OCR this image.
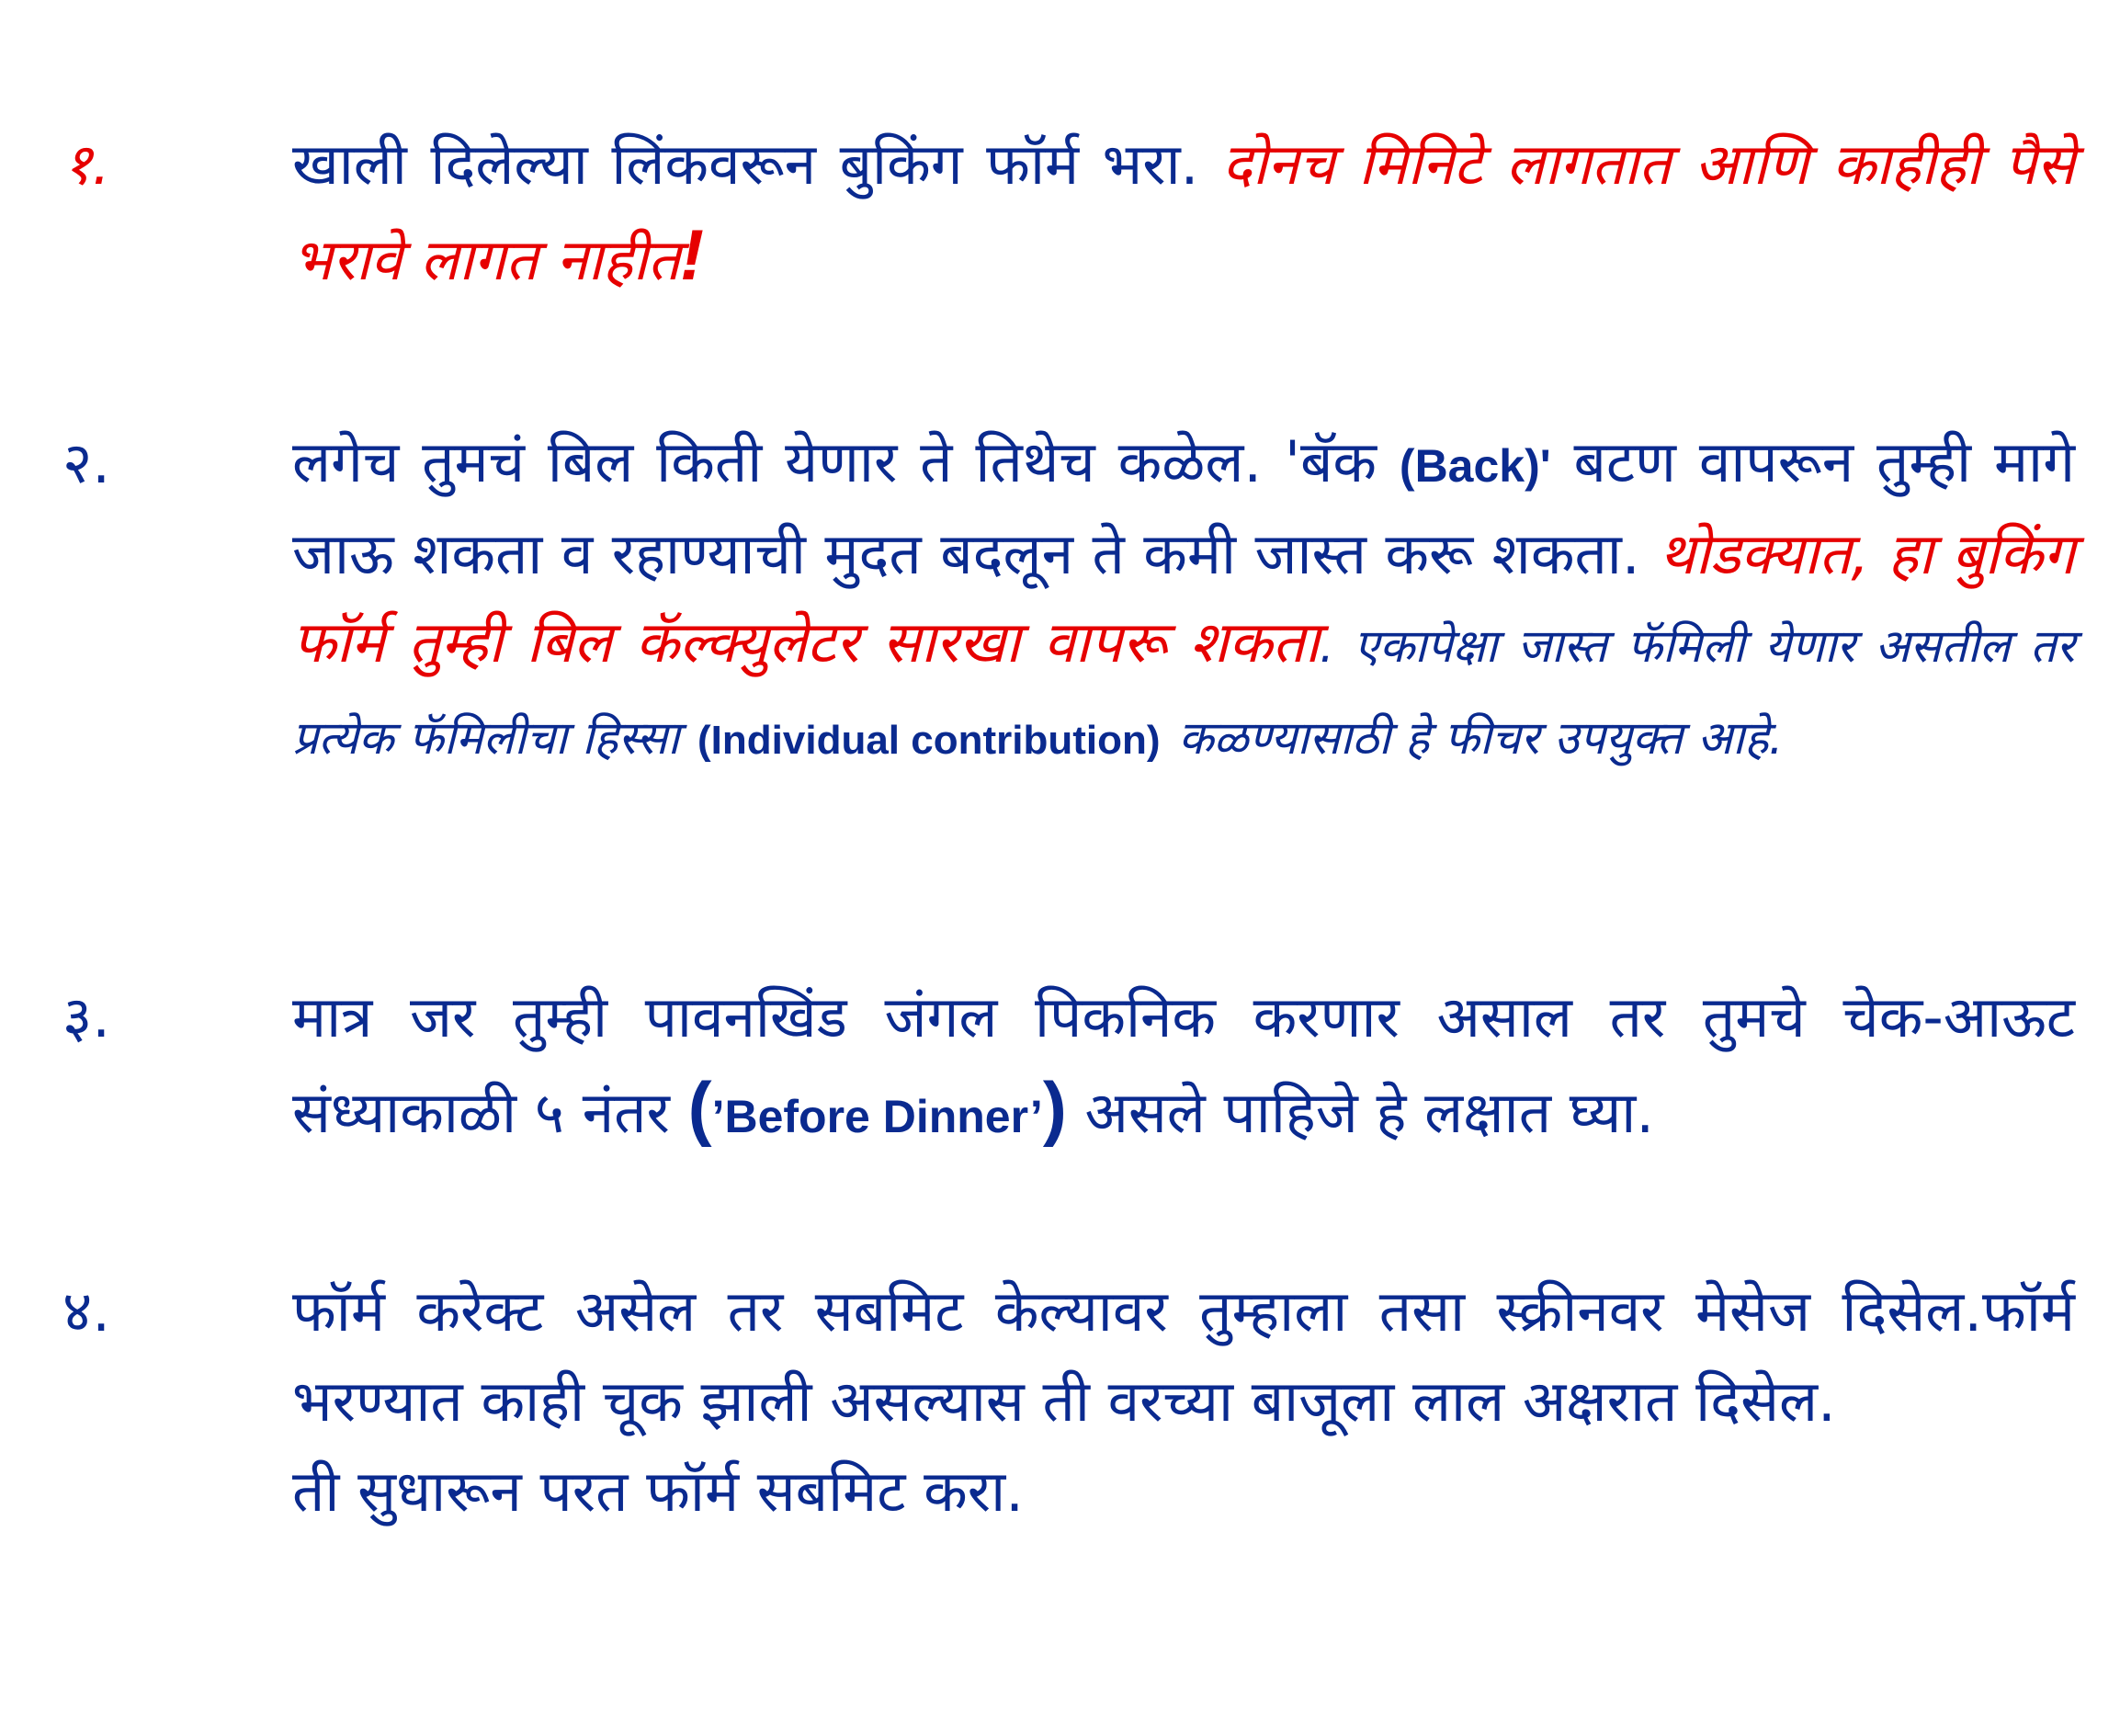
१.	खाली दिलेल्या लिंकवरून बुकिंग फॉर्म भरा. दोनच मिनिटे लागतात आणि काहीही पैसे भरावे लागत नाहीत!
२.	लगेच तुमचं बिल किती येणार ते तिथेच कळेल. 'बॅक (Back)' बटण वापरून तुम्ही मागे जाऊ शकता व रहाण्याची मुदत बदलून ते कमी जास्त करू शकता. थोडक्यात, हा बुकिंग फॉर्म तुम्ही बिल कॅल्क्युलेटर सारखा वापरू शकता. एकापेक्षा जास्त फॅमिली येणार असतील तर प्रत्येक फॅमिलीचा हिस्सा (Individual contribution) कळण्यासाठी हे फीचर उपयुक्त आहे.
३.	मात्र जर तुम्ही पावनखिंड जंगल पिकनिक करणार असाल तर तुमचे चेक-आऊट संध्याकाळी ५ नंतर (’Before Dinner’) असले पाहिजे हे लक्षात घ्या.
४.	फॉर्म करेक्ट असेल तर सबमिट केल्यावर तुम्हाला तसा स्क्रीनवर मेसेज दिसेल.फॉर्म भरण्यात काही चूक झाली असल्यास ती वरच्या बाजूला लाल अक्षरात दिसेल.
ती सुधारून परत फॉर्म सबमिट करा.
